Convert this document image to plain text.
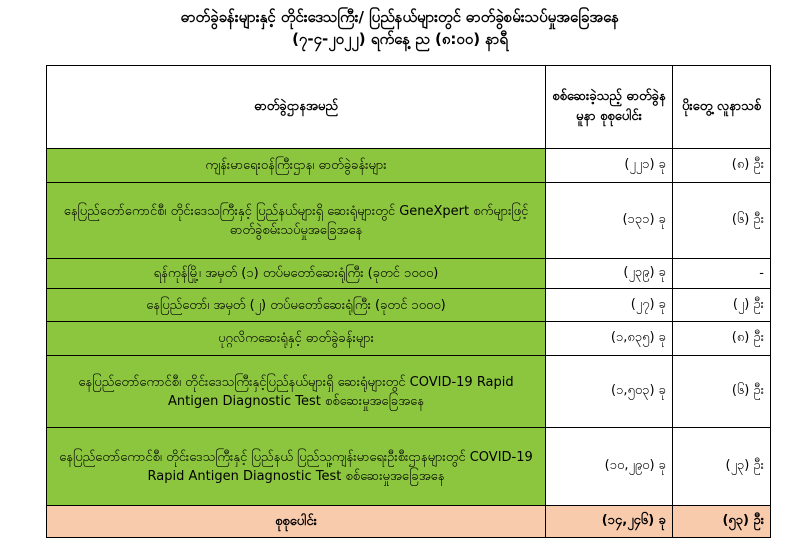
ဓာတ်ခွဲခန်းများနှင့် တိုင်းဒေသကြီး/ ပြည်နယ်များတွင် ဓာတ်ခွဲစမ်းသပ်မှုအခြေအနေ
(၇-၄-၂၀၂၂) ရက်နေ့ ည (၈:၀၀) နာရီ
ဓာတ်ခွဲဌာနအမည်	စစ်ဆေးခဲ့သည့် ဓာတ်ခွဲနမူနာ စုစုပေါင်း	ပိုးတွေ့ လူနာသစ်
ကျန်းမာရေးဝန်ကြီးဌာန၊ ဓာတ်ခွဲခန်းများ	(၂၂၁) ခု	(၈) ဦး
နေပြည်တော်ကောင်စီ၊ တိုင်းဒေသကြီးနှင့် ပြည်နယ်များရှိ ဆေးရုံများတွင် GeneXpert စက်များဖြင့် ဓာတ်ခွဲစမ်းသပ်မှုအခြေအနေ	(၁၃၁) ခု	(၆) ဦး
ရန်ကုန်မြို့၊ အမှတ် (၁) တပ်မတော်ဆေးရုံကြီး (ခုတင် ၁၀၀၀)	(၂၃၉) ခု	-
နေပြည်တော်၊ အမှတ် (၂) တပ်မတော်ဆေးရုံကြီး (ခုတင် ၁၀၀၀)	(၂၇) ခု	(၂) ဦး
ပုဂ္ဂလိကဆေးရုံနှင့် ဓာတ်ခွဲခန်းများ	(၁,၈၃၅) ခု	(၈) ဦး
နေပြည်တော်ကောင်စီ၊ တိုင်းဒေသကြီးနှင့်ပြည်နယ်များရှိ ဆေးရုံများတွင် COVID-19 Rapid Antigen Diagnostic Test စစ်ဆေးမှုအခြေအနေ	(၁,၅၀၃) ခု	(၆) ဦး
နေပြည်တော်ကောင်စီ၊ တိုင်းဒေသကြီးနှင့် ပြည်နယ် ပြည်သူ့ကျန်းမာရေးဦးစီးဌာနများတွင် COVID-19 Rapid Antigen Diagnostic Test စစ်ဆေးမှုအခြေအနေ	(၁၀,၂၉၀) ခု	(၂၃) ဦး
စုစုပေါင်း	(၁၄,၂၄၆) ခု	(၅၃) ဦး
